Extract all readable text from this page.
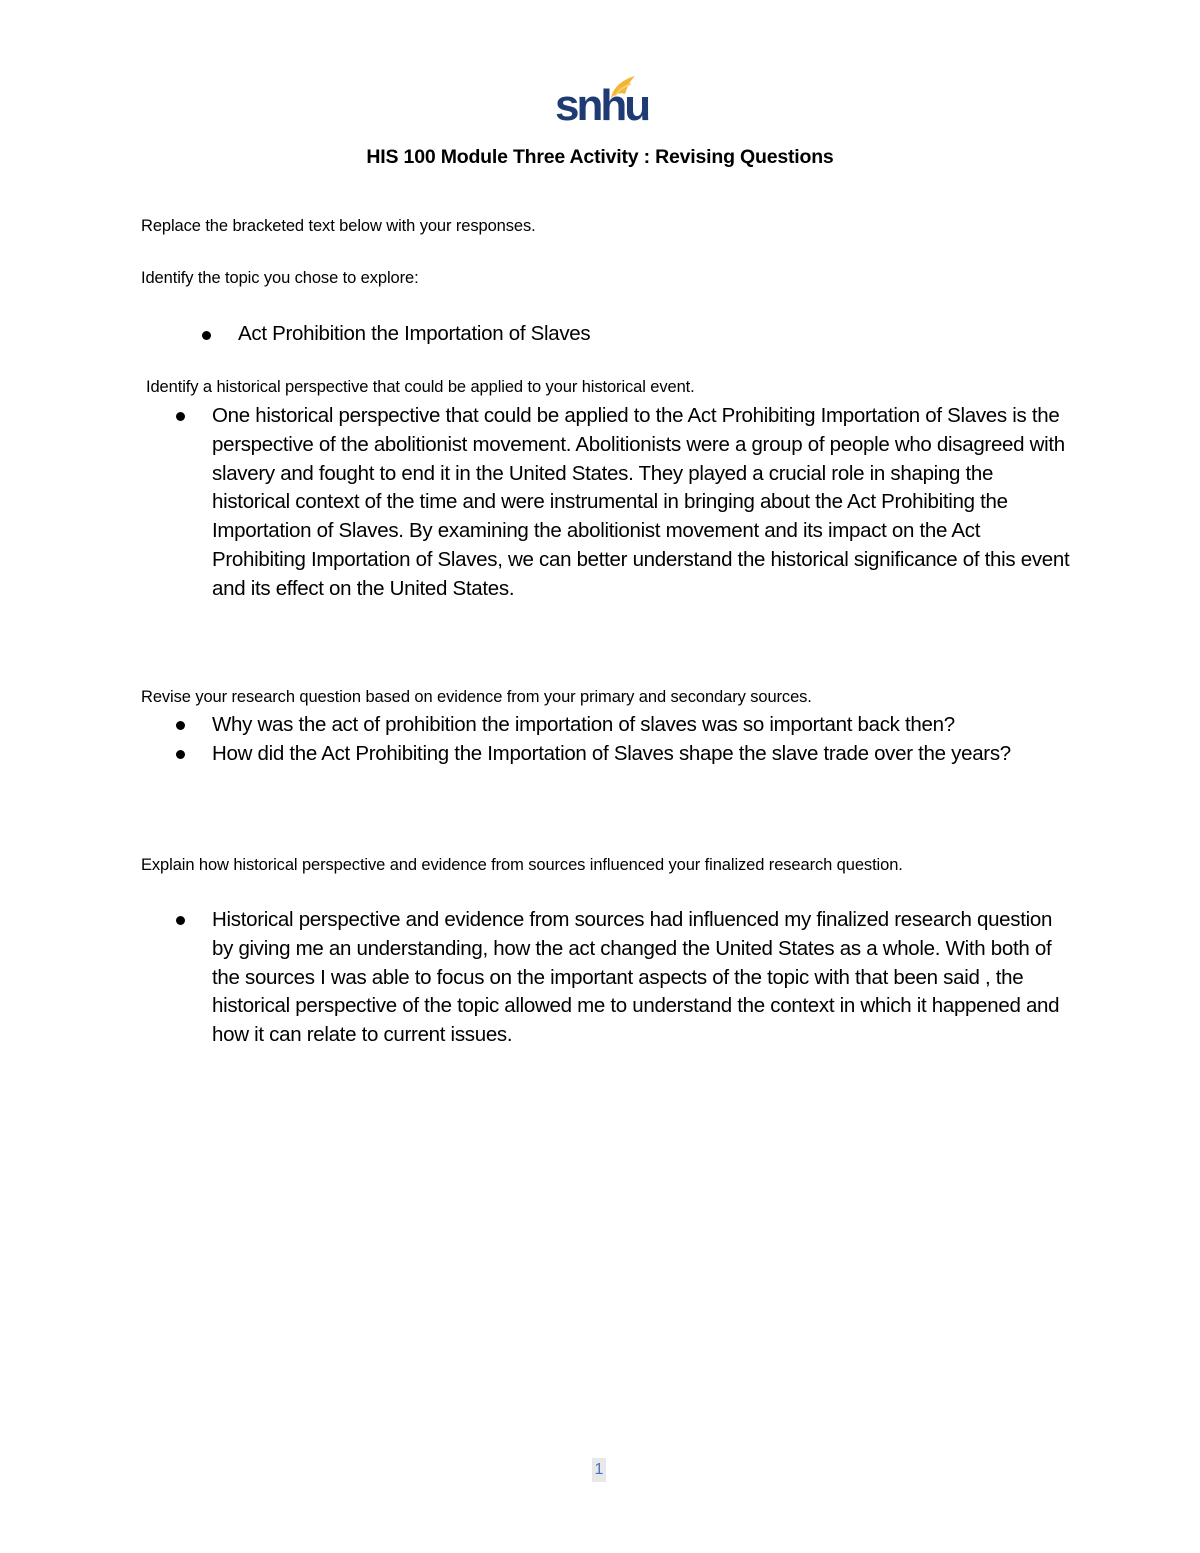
snhu
HIS 100 Module Three Activity : Revising Questions
Replace the bracketed text below with your responses.
Identify the topic you chose to explore:
Act Prohibition the Importation of Slaves
Identify a historical perspective that could be applied to your historical event.
One historical perspective that could be applied to the Act Prohibiting Importation of Slaves is the perspective of the abolitionist movement. Abolitionists were a group of people who disagreed with slavery and fought to end it in the United States. They played a crucial role in shaping the historical context of the time and were instrumental in bringing about the Act Prohibiting the Importation of Slaves. By examining the abolitionist movement and its impact on the Act Prohibiting Importation of Slaves, we can better understand the historical significance of this event and its effect on the United States.
Revise your research question based on evidence from your primary and secondary sources.
Why was the act of prohibition the importation of slaves was so important back then?
How did the Act Prohibiting the Importation of Slaves shape the slave trade over the years?
Explain how historical perspective and evidence from sources influenced your finalized research question.
Historical perspective and evidence from sources had influenced my finalized research question by giving me an understanding, how the act changed the United States as a whole. With both of the sources I was able to focus on the important aspects of the topic with that been said , the historical perspective of the topic allowed me to understand the context in which it happened and how it can relate to current issues.
1
